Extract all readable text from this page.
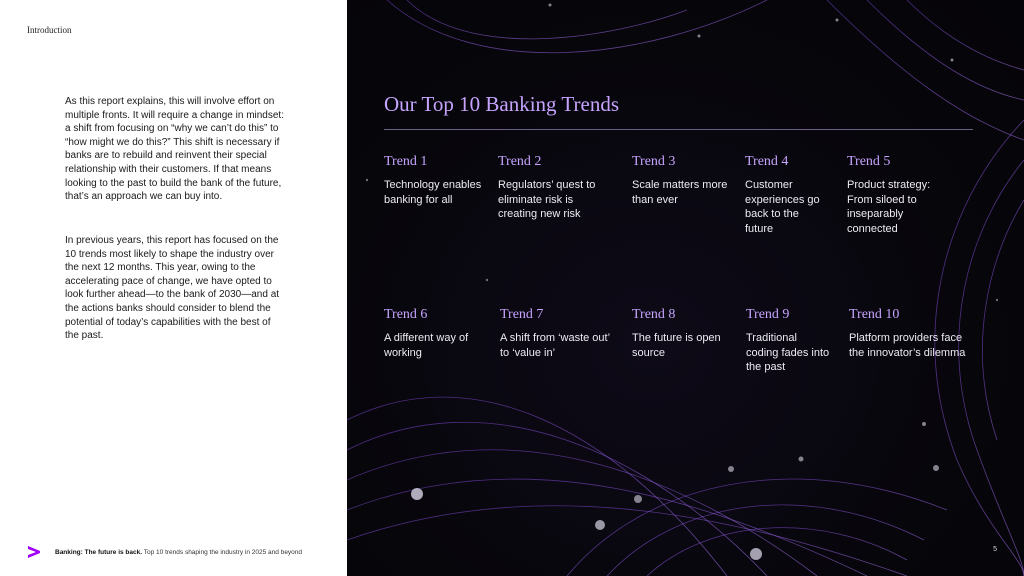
Introduction
As this report explains, this will involve effort on multiple fronts. It will require a change in mindset: a shift from focusing on “why we can’t do this” to “how might we do this?” This shift is necessary if banks are to rebuild and reinvent their special relationship with their customers. If that means looking to the past to build the bank of the future, that’s an approach we can buy into.
In previous years, this report has focused on the 10 trends most likely to shape the industry over the next 12 months. This year, owing to the accelerating pace of change, we have opted to look further ahead—to the bank of 2030—and at the actions banks should consider to blend the potential of today’s capabilities with the best of the past.
Banking: The future is back. Top 10 trends shaping the industry in 2025 and beyond
Our Top 10 Banking Trends
Trend 1
Technology enables banking for all
Trend 2
Regulators’ quest to eliminate risk is creating new risk
Trend 3
Scale matters more than ever
Trend 4
Customer experiences go back to the future
Trend 5
Product strategy: From siloed to inseparably connected
Trend 6
A different way of working
Trend 7
A shift from ‘waste out’ to ‘value in’
Trend 8
The future is open source
Trend 9
Traditional coding fades into the past
Trend 10
Platform providers face the innovator’s dilemma
5
